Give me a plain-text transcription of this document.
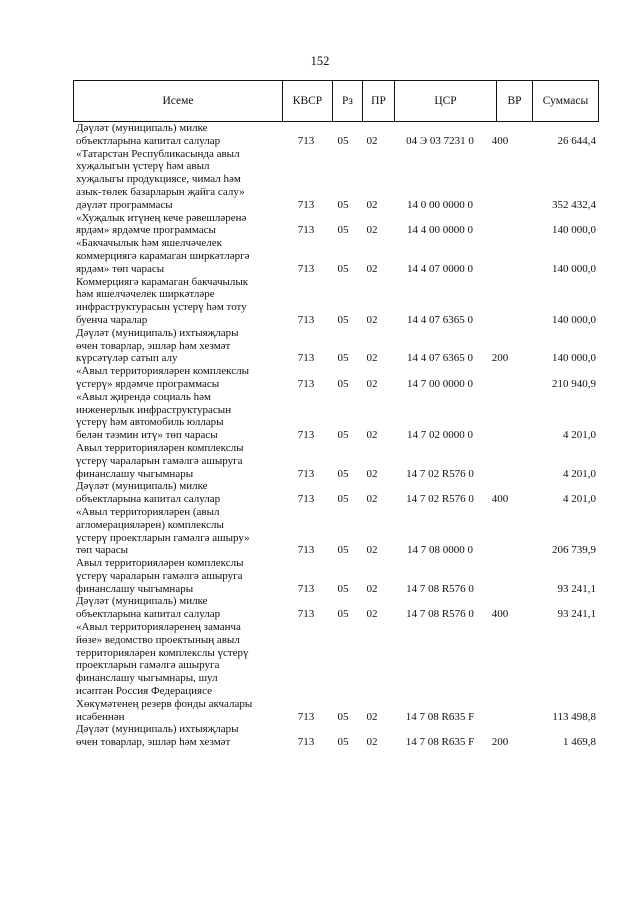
152
Исеме	КВСР	Рз	ПР	ЦСР	ВР	Суммасы
Дәүләт (муниципаль) милке
объектларына капитал салулар	713	05	02	04 Э 03 7231 0	400	26 644,4
«Татарстан Республикасында авыл
хуҗалыгын үстерү һәм авыл
хуҗалыгы продукциясе, чимал һәм
азык-төлек базарларын җайга салу»
дәүләт программасы	713	05	02	14 0 00 0000 0	352 432,4
«Хуҗалык итүнең кече рәвешләренә
ярдәм» ярдәмче программасы	713	05	02	14 4 00 0000 0	140 000,0
«Бакчачылык һәм яшелчәчелек
коммерциягә карамаган ширкәтләргә
ярдәм» төп чарасы	713	05	02	14 4 07 0000 0	140 000,0
Коммерциягә карамаган бакчачылык
һәм яшелчәчелек ширкәтләре
инфраструктурасын үстерү һәм тоту
буенча чаралар	713	05	02	14 4 07 6365 0	140 000,0
Дәүләт (муниципаль) ихтыяҗлары
өчен товарлар, эшләр һәм хезмәт
күрсәтүләр сатып алу	713	05	02	14 4 07 6365 0	200	140 000,0
«Авыл территорияләрен комплекслы
үстерү» ярдәмче программасы	713	05	02	14 7 00 0000 0	210 940,9
«Авыл җирендә социаль һәм
инженерлык инфраструктурасын
үстерү һәм автомобиль юллары
белән тәэмин итү» төп чарасы	713	05	02	14 7 02 0000 0	4 201,0
Авыл территорияләрен комплекслы
үстерү чараларын гамәлгә ашыруга
финанслашу чыгымнары	713	05	02	14 7 02 R576 0	4 201,0
Дәүләт (муниципаль) милке
объектларына капитал салулар	713	05	02	14 7 02 R576 0	400	4 201,0
«Авыл территорияләрен (авыл
агломерацияләрен) комплекслы
үстерү проектларын гамәлгә ашыру»
төп чарасы	713	05	02	14 7 08 0000 0	206 739,9
Авыл территорияләрен комплекслы
үстерү чараларын гамәлгә ашыруга
финанслашу чыгымнары	713	05	02	14 7 08 R576 0	93 241,1
Дәүләт (муниципаль) милке
объектларына капитал салулар	713	05	02	14 7 08 R576 0	400	93 241,1
«Авыл территорияләренең заманча
йөзе» ведомство проектының авыл
территорияләрен комплекслы үстерү
проектларын гамәлгә ашыруга
финанслашу чыгымнары, шул
исәптән Россия Федерациясе
Хөкүмәтенең резерв фонды акчалары
исәбеннән	713	05	02	14 7 08 R635 F	113 498,8
Дәүләт (муниципаль) ихтыяҗлары
өчен товарлар, эшләр һәм хезмәт	713	05	02	14 7 08 R635 F	200	1 469,8
